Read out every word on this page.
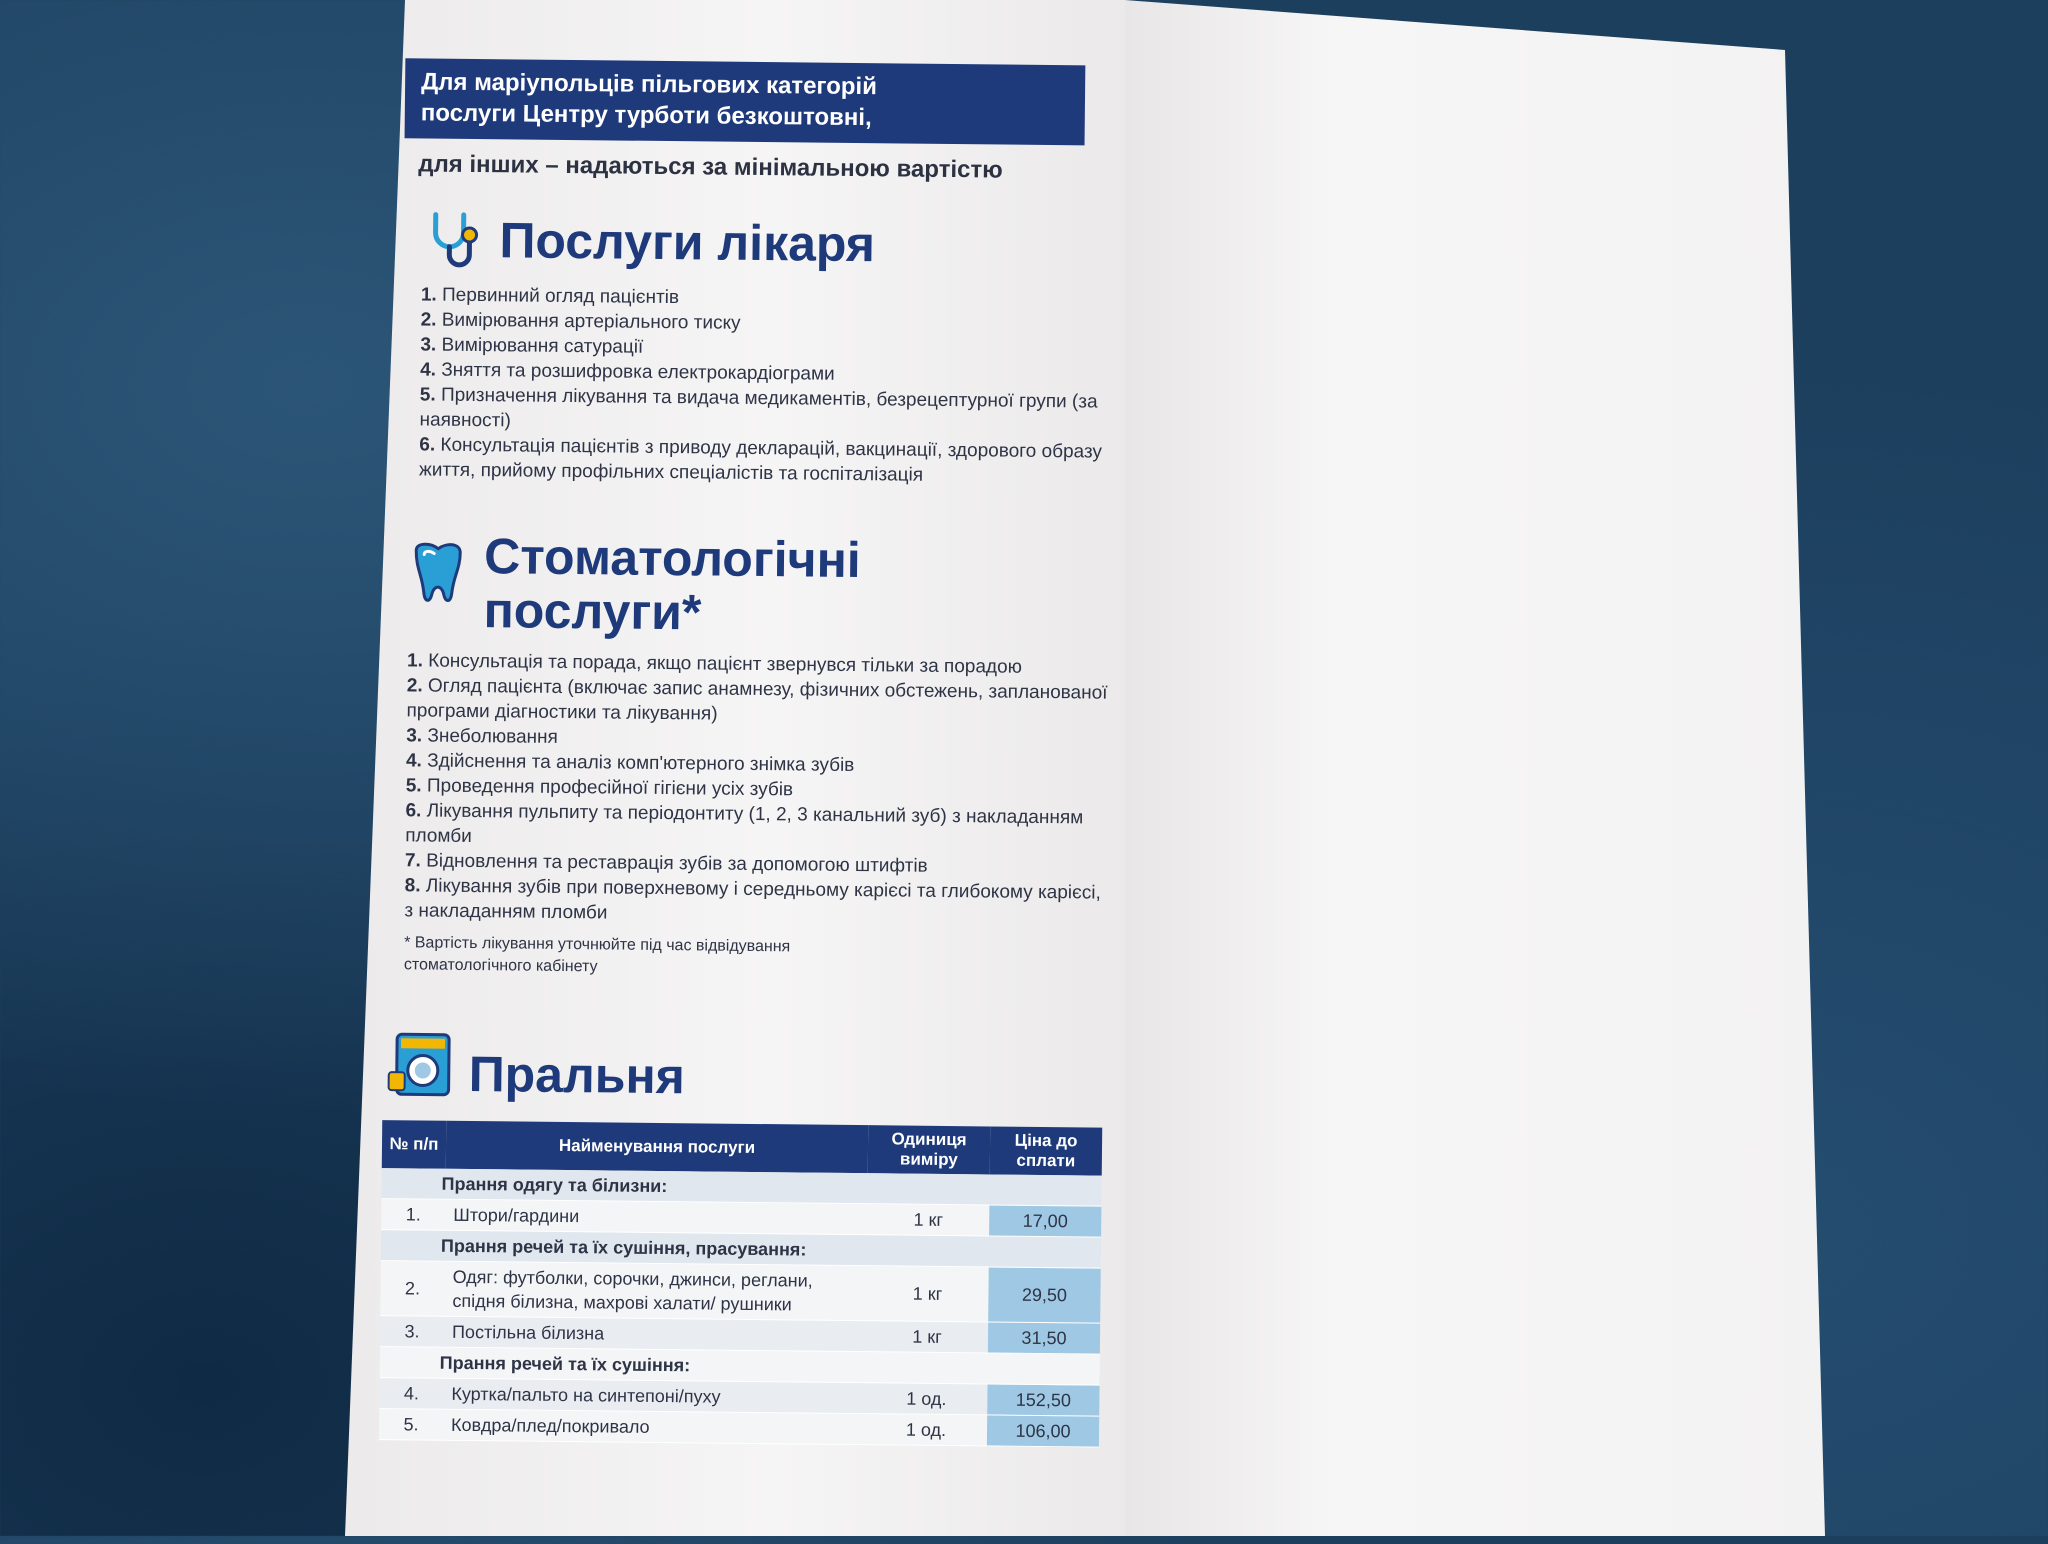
Для маріупольців пільгових категорій
послуги Центру турботи безкоштовні,
для інших – надаються за мінімальною вартістю
Послуги лікаря
1. Первинний огляд пацієнтів
2. Вимірювання артеріального тиску
3. Вимірювання сатурації
4. Зняття та розшифровка електрокардіограми
5. Призначення лікування та видача медикаментів, безрецептурної групи (за наявності)
6. Консультація пацієнтів з приводу декларацій, вакцинації, здорового образу життя, прийому профільних спеціалістів та госпіталізація
Стоматологічні
послуги*
1. Консультація та порада, якщо пацієнт звернувся тільки за порадою
2. Огляд пацієнта (включає запис анамнезу, фізичних обстежень, запланованої програми діагностики та лікування)
3. Знеболювання
4. Здійснення та аналіз комп'ютерного знімка зубів
5. Проведення професійної гігієни усіх зубів
6. Лікування пульпиту та періодонтиту (1, 2, 3 канальний зуб) з накладанням пломби
7. Відновлення та реставрація зубів за допомогою штифтів
8. Лікування зубів при поверхневому і середньому карієсі та глибокому карієсі, з накладанням пломби
* Вартість лікування уточнюйте під час відвідування стоматологічного кабінету
Пральня
№ п/п	Найменування послуги	Одиниця виміру	Ціна до сплати
Прання одягу та білизни:			
1.	Штори/гардини	1 кг	17,00
Прання речей та їх сушіння, прасування:			
2.	Одяг: футболки, сорочки, джинси, реглани, спідня білизна, махрові халати/ рушники	1 кг	29,50
3.	Постільна білизна	1 кг	31,50
Прання речей та їх сушіння:			
4.	Куртка/пальто на синтепоні/пуху	1 од.	152,50
5.	Ковдра/плед/покривало	1 од.	106,00
